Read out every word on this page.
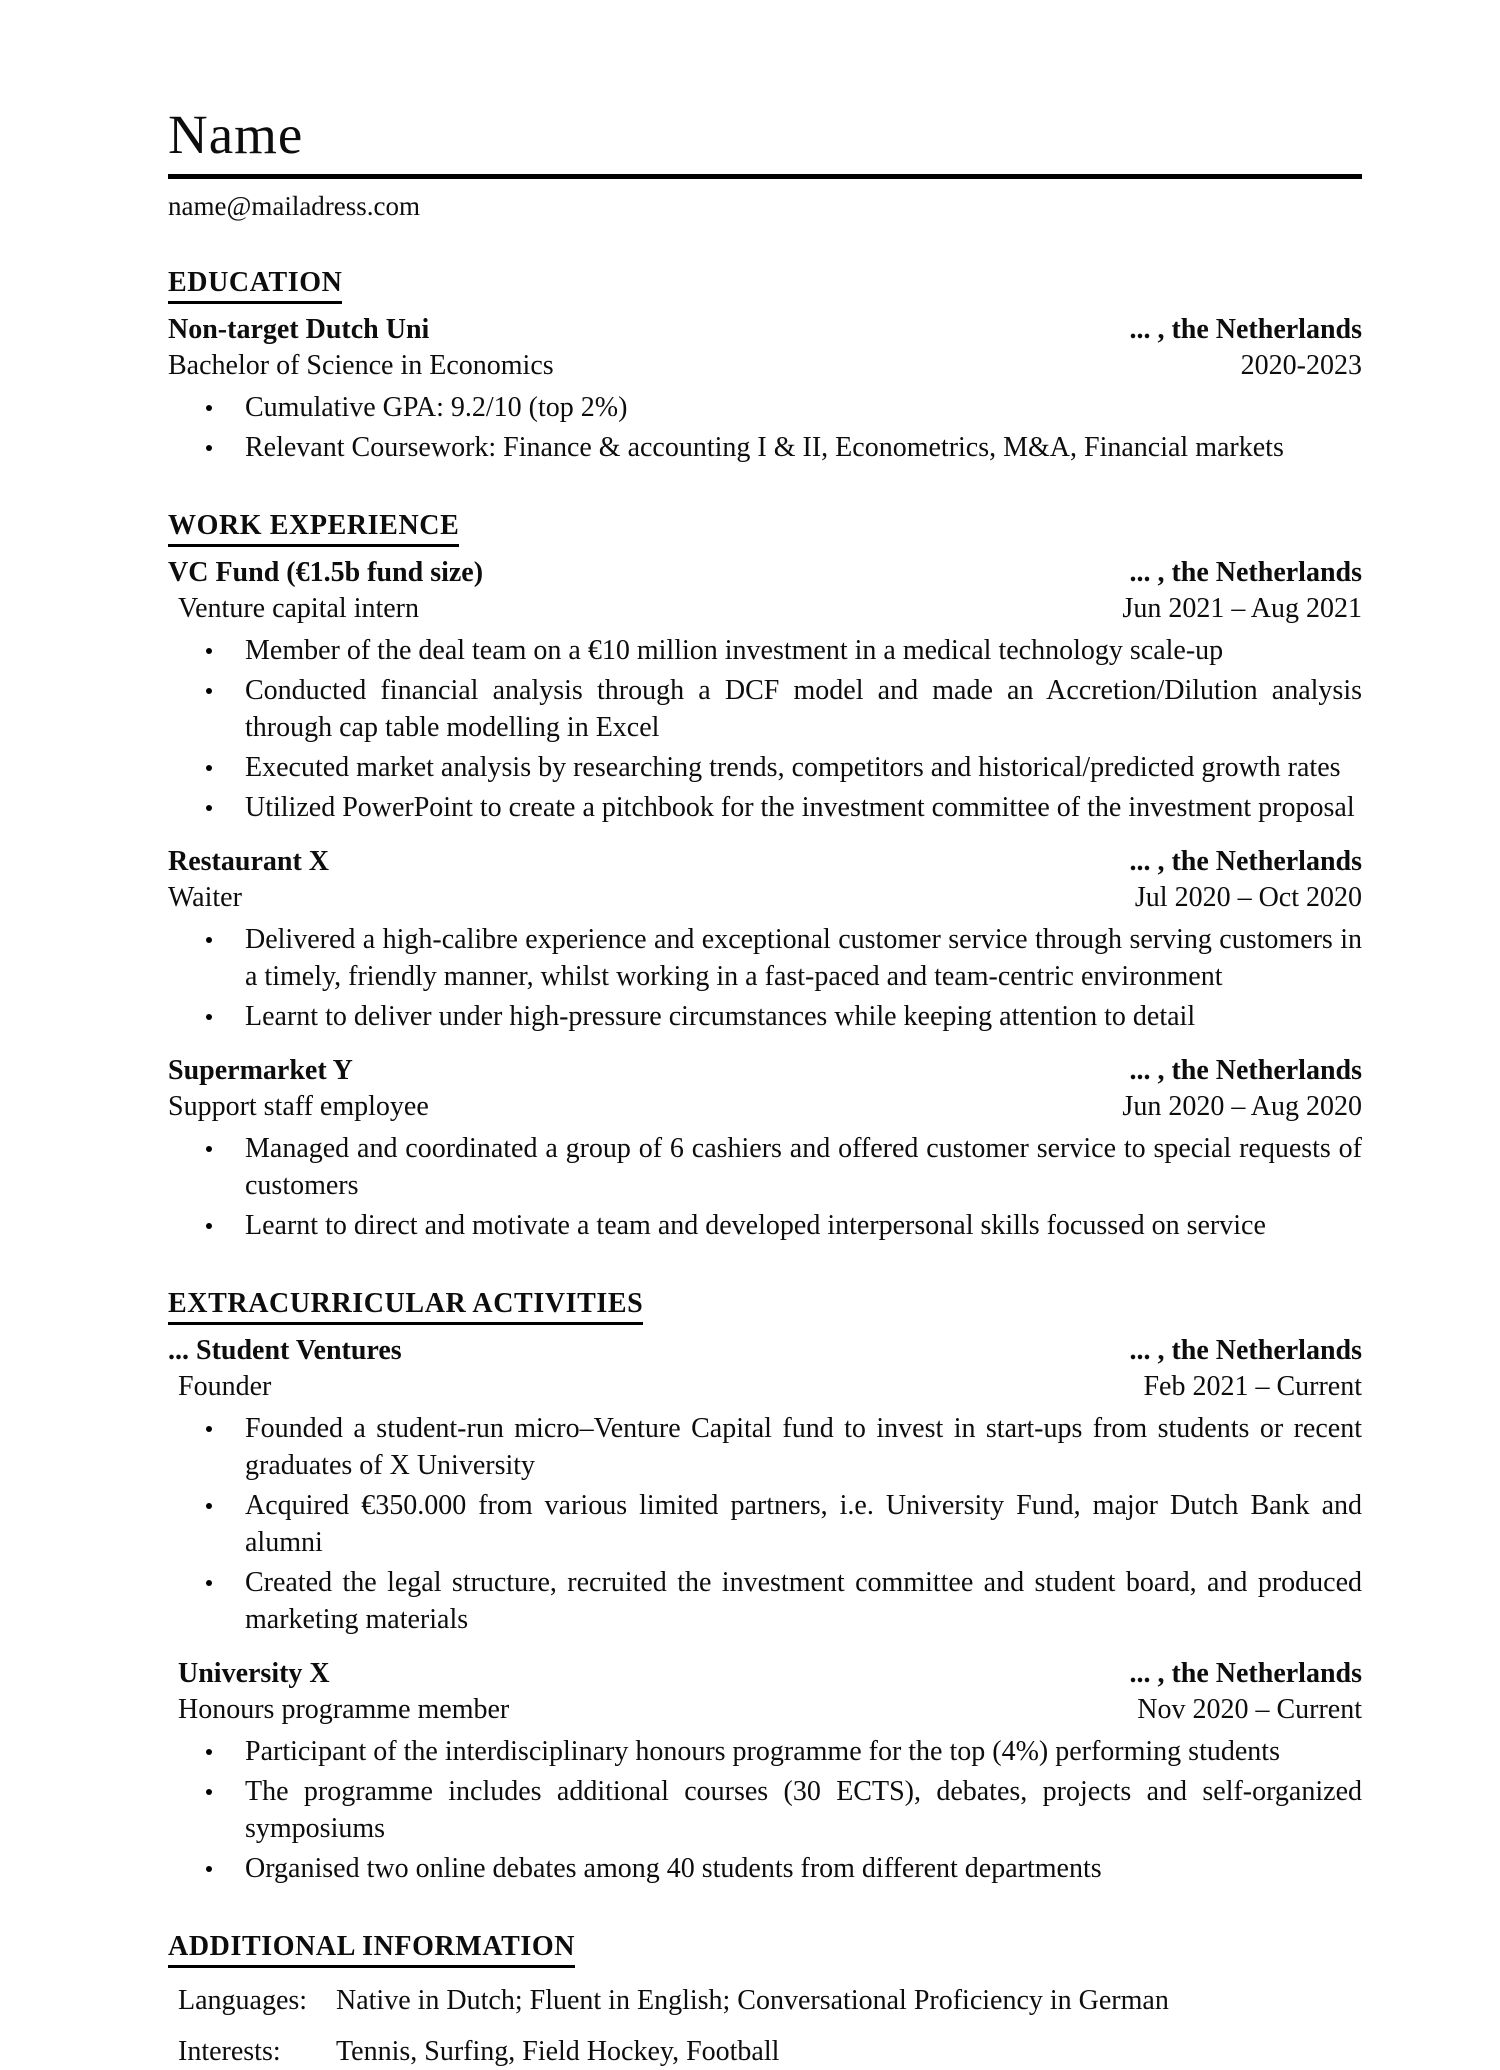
Name
name@mailadress.com
EDUCATION
Non-target Dutch Uni	... , the Netherlands
Bachelor of Science in Economics	2020-2023
Cumulative GPA: 9.2/10 (top 2%)
Relevant Coursework: Finance & accounting I & II, Econometrics, M&A, Financial markets
WORK EXPERIENCE
VC Fund (€1.5b fund size)	... , the Netherlands
Venture capital intern	Jun 2021 – Aug 2021
Member of the deal team on a €10 million investment in a medical technology scale-up
Conducted financial analysis through a DCF model and made an Accretion/Dilution analysis through cap table modelling in Excel
Executed market analysis by researching trends, competitors and historical/predicted growth rates
Utilized PowerPoint to create a pitchbook for the investment committee of the investment proposal
Restaurant X	... , the Netherlands
Waiter	Jul 2020 – Oct 2020
Delivered a high-calibre experience and exceptional customer service through serving customers in a timely, friendly manner, whilst working in a fast-paced and team-centric environment
Learnt to deliver under high-pressure circumstances while keeping attention to detail
Supermarket Y	... , the Netherlands
Support staff employee	Jun 2020 – Aug 2020
Managed and coordinated a group of 6 cashiers and offered customer service to special requests of customers
Learnt to direct and motivate a team and developed interpersonal skills focussed on service
EXTRACURRICULAR ACTIVITIES
... Student Ventures	... , the Netherlands
Founder	Feb 2021 – Current
Founded a student-run micro–Venture Capital fund to invest in start-ups from students or recent graduates of X University
Acquired €350.000 from various limited partners, i.e. University Fund, major Dutch Bank and alumni
Created the legal structure, recruited the investment committee and student board, and produced marketing materials
University X	... , the Netherlands
Honours programme member	Nov 2020 – Current
Participant of the interdisciplinary honours programme for the top (4%) performing students
The programme includes additional courses (30 ECTS), debates, projects and self-organized symposiums
Organised two online debates among 40 students from different departments
ADDITIONAL INFORMATION
Languages:	Native in Dutch; Fluent in English; Conversational Proficiency in German
Interests:	Tennis, Surfing, Field Hockey, Football
